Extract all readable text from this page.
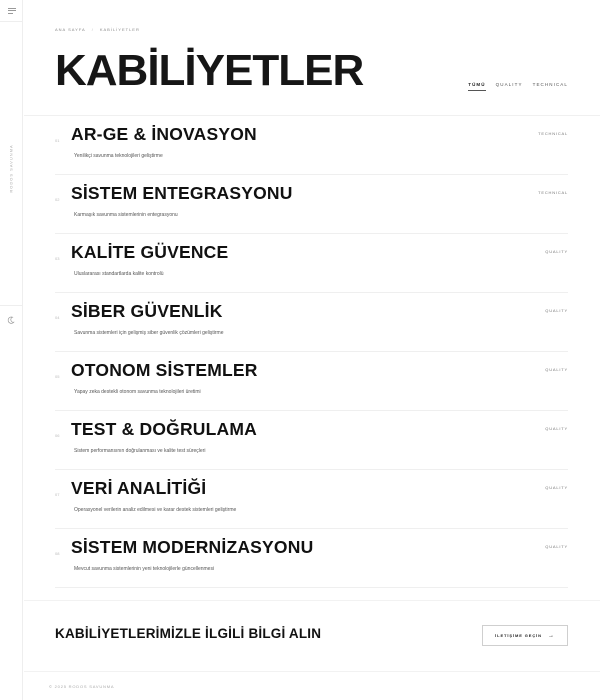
RODOS SAVUNMA
ANA SAYFA / KABİLİYETLER
KABİLİYETLER	TÜMÜ QUALITY TECHNICAL
01 AR-GE & İNOVASYON
Yenilikçi savunma teknolojileri geliştirme
TECHNICAL
02 SİSTEM ENTEGRASYONU
Karmaşık savunma sistemlerinin entegrasyonu
TECHNICAL
03 KALİTE GÜVENCE
Uluslararası standartlarda kalite kontrolü
QUALITY
04 SİBER GÜVENLİK
Savunma sistemleri için gelişmiş siber güvenlik çözümleri geliştirme
QUALITY
05 OTONOM SİSTEMLER
Yapay zeka destekli otonom savunma teknolojileri üretimi
QUALITY
06 TEST & DOĞRULAMA
Sistem performansının doğrulanması ve kalite test süreçleri
QUALITY
07 VERİ ANALİTİĞİ
Operasyonel verilerin analiz edilmesi ve karar destek sistemleri geliştirme
QUALITY
08 SİSTEM MODERNİZASYONU
Mevcut savunma sistemlerinin yeni teknolojilerle güncellenmesi
QUALITY
KABİLİYETLERİMİZLE İLGİLİ BİLGİ ALIN	İLETİŞİME GEÇİN →
© 2025 RODOS SAVUNMA
